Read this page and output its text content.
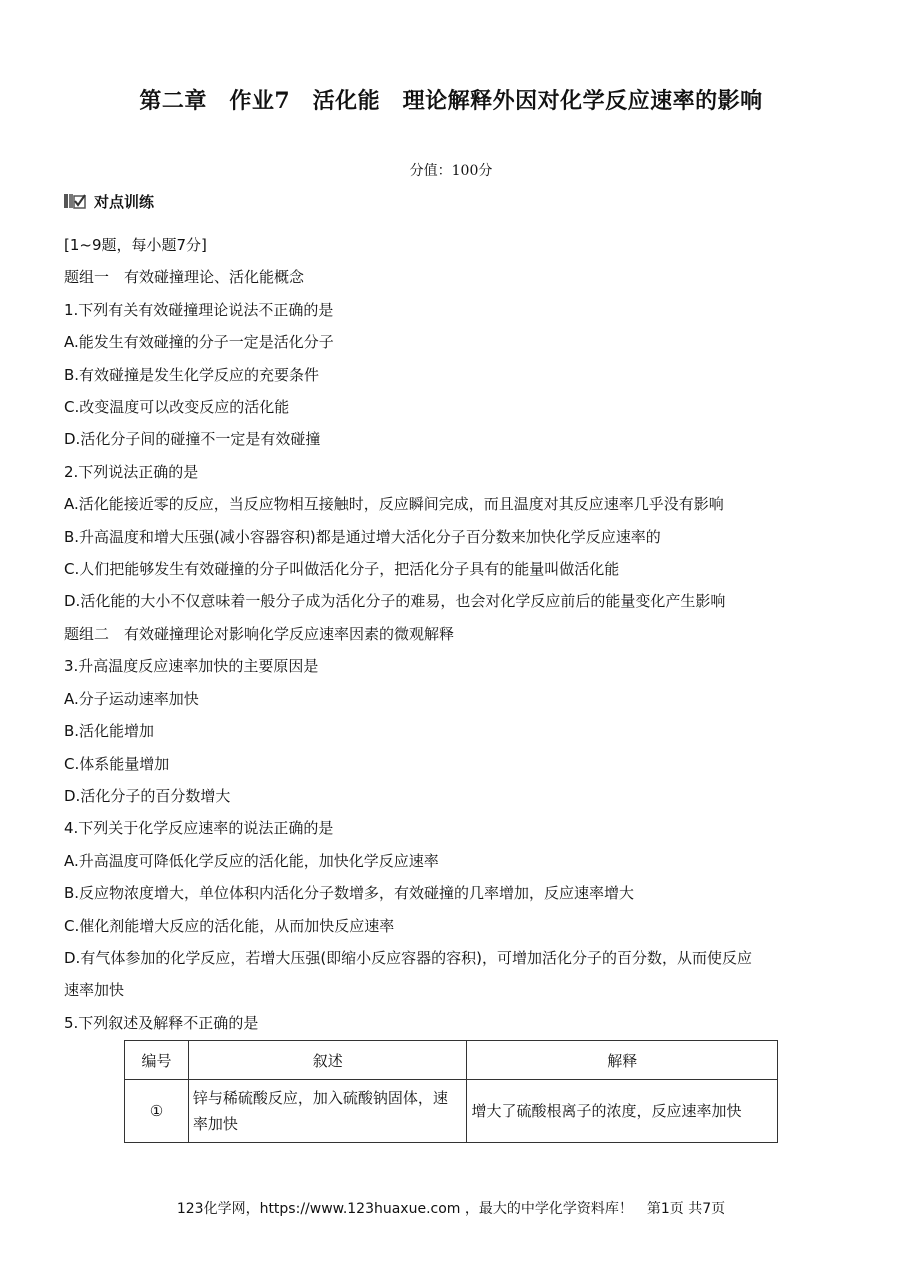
第二章　作业7　活化能　理论解释外因对化学反应速率的影响
分值：100分
对点训练
[1~9题，每小题7分]
题组一　有效碰撞理论、活化能概念
1.下列有关有效碰撞理论说法不正确的是
A.能发生有效碰撞的分子一定是活化分子
B.有效碰撞是发生化学反应的充要条件
C.改变温度可以改变反应的活化能
D.活化分子间的碰撞不一定是有效碰撞
2.下列说法正确的是
A.活化能接近零的反应，当反应物相互接触时，反应瞬间完成，而且温度对其反应速率几乎没有影响
B.升高温度和增大压强(减小容器容积)都是通过增大活化分子百分数来加快化学反应速率的
C.人们把能够发生有效碰撞的分子叫做活化分子，把活化分子具有的能量叫做活化能
D.活化能的大小不仅意味着一般分子成为活化分子的难易，也会对化学反应前后的能量变化产生影响
题组二　有效碰撞理论对影响化学反应速率因素的微观解释
3.升高温度反应速率加快的主要原因是
A.分子运动速率加快
B.活化能增加
C.体系能量增加
D.活化分子的百分数增大
4.下列关于化学反应速率的说法正确的是
A.升高温度可降低化学反应的活化能，加快化学反应速率
B.反应物浓度增大，单位体积内活化分子数增多，有效碰撞的几率增加，反应速率增大
C.催化剂能增大反应的活化能，从而加快反应速率
D.有气体参加的化学反应，若增大压强(即缩小反应容器的容积)，可增加活化分子的百分数，从而使反应
速率加快
5.下列叙述及解释不正确的是
编号	叙述	解释
①	锌与稀硫酸反应，加入硫酸钠固体，速率加快	增大了硫酸根离子的浓度，反应速率加快
123化学网，https://www.123huaxue.com ，最大的中学化学资料库！　第1页 共7页
